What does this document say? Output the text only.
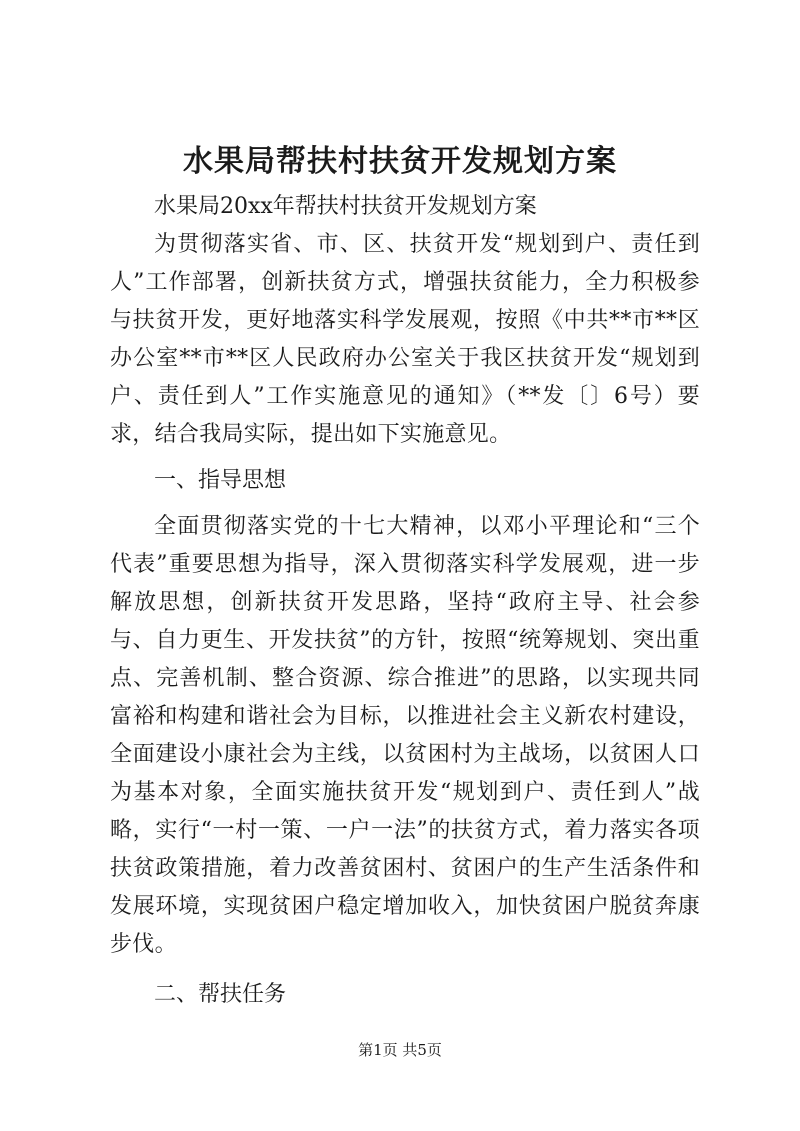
水果局帮扶村扶贫开发规划方案

水果局20xx年帮扶村扶贫开发规划方案

为贯彻落实省、市、区、扶贫开发“规划到户、责任到人”工作部署，创新扶贫方式，增强扶贫能力，全力积极参与扶贫开发，更好地落实科学发展观，按照《中共**市**区办公室**市**区人民政府办公室关于我区扶贫开发“规划到户、责任到人”工作实施意见的通知》（**发〔〕6号）要求，结合我局实际，提出如下实施意见。

一、指导思想

全面贯彻落实党的十七大精神，以邓小平理论和“三个代表”重要思想为指导，深入贯彻落实科学发展观，进一步解放思想，创新扶贫开发思路，坚持“政府主导、社会参与、自力更生、开发扶贫”的方针，按照“统筹规划、突出重点、完善机制、整合资源、综合推进”的思路，以实现共同富裕和构建和谐社会为目标，以推进社会主义新农村建设，全面建设小康社会为主线，以贫困村为主战场，以贫困人口为基本对象，全面实施扶贫开发“规划到户、责任到人”战略，实行“一村一策、一户一法”的扶贫方式，着力落实各项扶贫政策措施，着力改善贫困村、贫困户的生产生活条件和发展环境，实现贫困户稳定增加收入，加快贫困户脱贫奔康步伐。

二、帮扶任务

第1页 共5页
